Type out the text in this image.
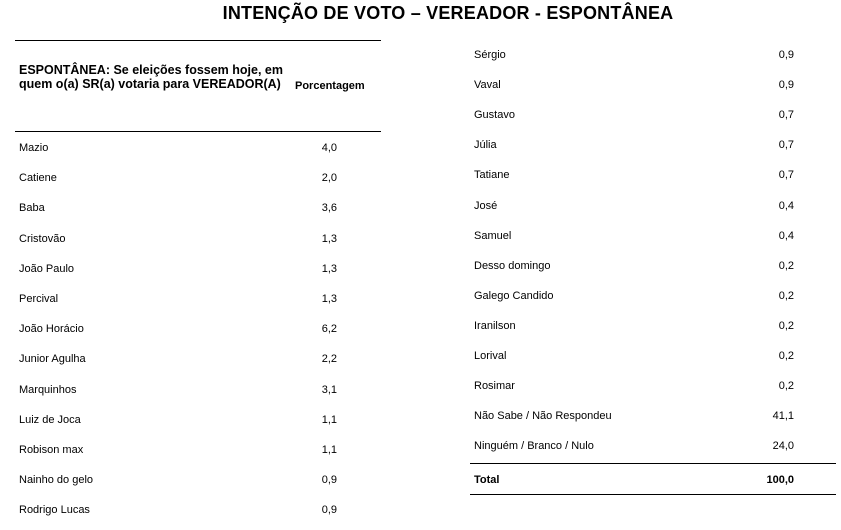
INTENÇÃO DE VOTO – VEREADOR - ESPONTÂNEA
ESPONTÂNEA: Se eleições fossem hoje, em quem o(a) SR(a) votaria para VEREADOR(A) Porcentagem
Mazio	4,0
Catiene	2,0
Baba	3,6
Cristovão	1,3
João Paulo	1,3
Percival	1,3
João Horácio	6,2
Junior Agulha	2,2
Marquinhos	3,1
Luiz de Joca	1,1
Robison max	1,1
Nainho do gelo	0,9
Rodrigo Lucas	0,9
Sérgio	0,9
Vaval	0,9
Gustavo	0,7
Júlia	0,7
Tatiane	0,7
José	0,4
Samuel	0,4
Desso domingo	0,2
Galego Candido	0,2
Iranilson	0,2
Lorival	0,2
Rosimar	0,2
Não Sabe / Não Respondeu	41,1
Ninguém / Branco / Nulo	24,0
Total	100,0
